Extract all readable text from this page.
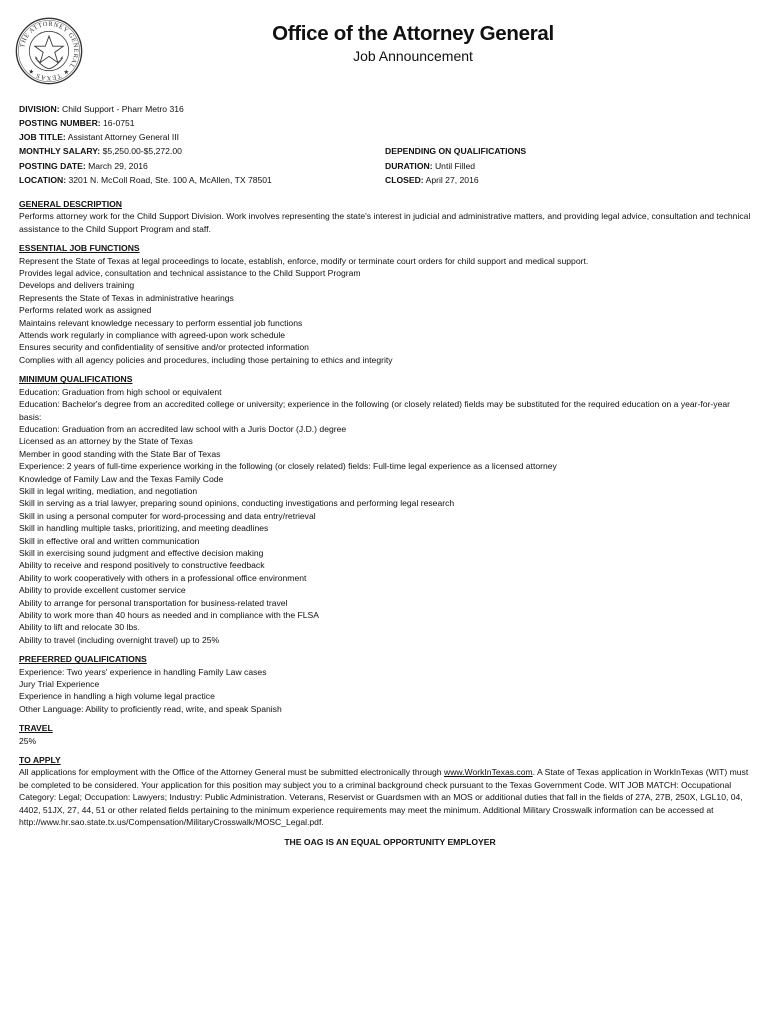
THE ATTORNEY GENERAL ★ TEXAS ★
Office of the Attorney General
Job Announcement
DIVISION: Child Support - Pharr Metro 316
POSTING NUMBER: 16-0751
JOB TITLE: Assistant Attorney General III
MONTHLY SALARY: $5,250.00-$5,272.00	DEPENDING ON QUALIFICATIONS
POSTING DATE: March 29, 2016	DURATION: Until Filled
LOCATION: 3201 N. McColl Road, Ste. 100 A, McAllen, TX 78501	CLOSED: April 27, 2016
GENERAL DESCRIPTION
Performs attorney work for the Child Support Division. Work involves representing the state's interest in judicial and administrative matters, and providing legal advice, consultation and technical assistance to the Child Support Program and staff.
ESSENTIAL JOB FUNCTIONS
Represent the State of Texas at legal proceedings to locate, establish, enforce, modify or terminate court orders for child support and medical support.
Provides legal advice, consultation and technical assistance to the Child Support Program
Develops and delivers training
Represents the State of Texas in administrative hearings
Performs related work as assigned
Maintains relevant knowledge necessary to perform essential job functions
Attends work regularly in compliance with agreed-upon work schedule
Ensures security and confidentiality of sensitive and/or protected information
Complies with all agency policies and procedures, including those pertaining to ethics and integrity
MINIMUM QUALIFICATIONS
Education: Graduation from high school or equivalent
Education: Bachelor's degree from an accredited college or university; experience in the following (or closely related) fields may be substituted for the required education on a year-for-year basis:
Education: Graduation from an accredited law school with a Juris Doctor (J.D.) degree
Licensed as an attorney by the State of Texas
Member in good standing with the State Bar of Texas
Experience: 2 years of full-time experience working in the following (or closely related) fields: Full-time legal experience as a licensed attorney
Knowledge of Family Law and the Texas Family Code
Skill in legal writing, mediation, and negotiation
Skill in serving as a trial lawyer, preparing sound opinions, conducting investigations and performing legal research
Skill in using a personal computer for word-processing and data entry/retrieval
Skill in handling multiple tasks, prioritizing, and meeting deadlines
Skill in effective oral and written communication
Skill in exercising sound judgment and effective decision making
Ability to receive and respond positively to constructive feedback
Ability to work cooperatively with others in a professional office environment
Ability to provide excellent customer service
Ability to arrange for personal transportation for business-related travel
Ability to work more than 40 hours as needed and in compliance with the FLSA
Ability to lift and relocate 30 lbs.
Ability to travel (including overnight travel) up to 25%
PREFERRED QUALIFICATIONS
Experience: Two years' experience in handling Family Law cases
Jury Trial Experience
Experience in handling a high volume legal practice
Other Language: Ability to proficiently read, write, and speak Spanish
TRAVEL
25%
TO APPLY
All applications for employment with the Office of the Attorney General must be submitted electronically through www.WorkInTexas.com. A State of Texas application in WorkInTexas (WIT) must be completed to be considered. Your application for this position may subject you to a criminal background check pursuant to the Texas Government Code. WIT JOB MATCH: Occupational Category: Legal; Occupation: Lawyers; Industry: Public Administration. Veterans, Reservist or Guardsmen with an MOS or additional duties that fall in the fields of 27A, 27B, 250X, LGL10, 04, 4402, 51JX, 27, 44, 51 or other related fields pertaining to the minimum experience requirements may meet the minimum. Additional Military Crosswalk information can be accessed at http://www.hr.sao.state.tx.us/Compensation/MilitaryCrosswalk/MOSC_Legal.pdf.
THE OAG IS AN EQUAL OPPORTUNITY EMPLOYER
